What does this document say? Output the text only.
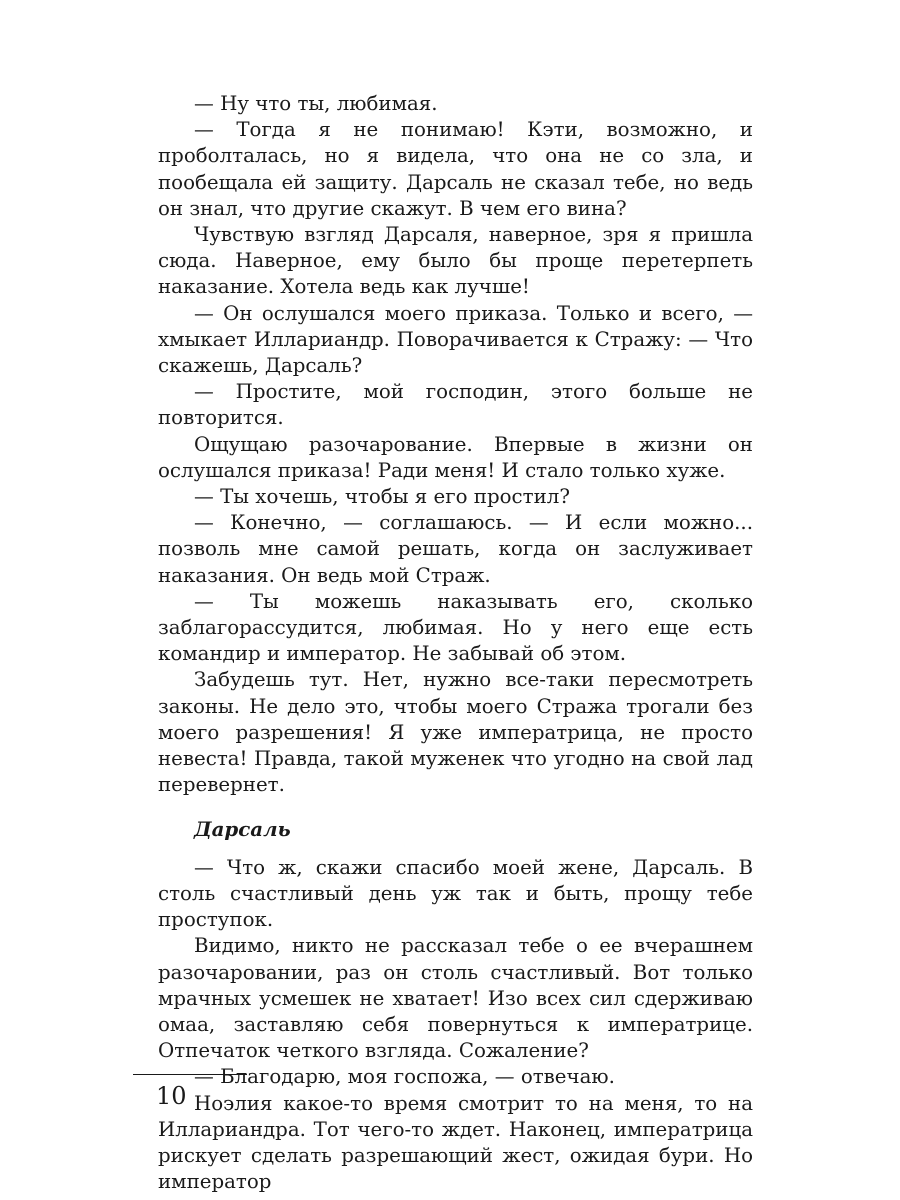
— Ну что ты, любимая.

— Тогда я не понимаю! Кэти, возможно, и проболталась, но я видела, что она не со зла, и пообещала ей защиту. Дарсаль не сказал тебе, но ведь он знал, что другие скажут. В чем его вина?

Чувствую взгляд Дарсаля, наверное, зря я пришла сюда. Наверное, ему было бы проще перетерпеть наказание. Хотела ведь как лучше!

— Он ослушался моего приказа. Только и всего, — хмыкает Иллариандр. Поворачивается к Стражу: — Что скажешь, Дарсаль?

— Простите, мой господин, этого больше не повторится.

Ощущаю разочарование. Впервые в жизни он ослушался приказа! Ради меня! И стало только хуже.

— Ты хочешь, чтобы я его простил?

— Конечно, — соглашаюсь. — И если можно... позволь мне самой решать, когда он заслуживает наказания. Он ведь мой Страж.

— Ты можешь наказывать его, сколько заблагорассудится, любимая. Но у него еще есть командир и император. Не забывай об этом.

Забудешь тут. Нет, нужно все-таки пересмотреть законы. Не дело это, чтобы моего Стража трогали без моего разрешения! Я уже императрица, не просто невеста! Правда, такой муженек что угодно на свой лад перевернет.

Дарсаль

— Что ж, скажи спасибо моей жене, Дарсаль. В столь счастливый день уж так и быть, прощу тебе проступок.

Видимо, никто не рассказал тебе о ее вчерашнем разочаровании, раз он столь счастливый. Вот только мрачных усмешек не хватает! Изо всех сил сдерживаю омаа, заставляю себя повернуться к императрице. Отпечаток четкого взгляда. Сожаление?

— Благодарю, моя госпожа, — отвечаю.

Ноэлия какое-то время смотрит то на меня, то на Иллариандра. Тот чего-то ждет. Наконец, императрица рискует сделать разрешающий жест, ожидая бури. Но император

10
